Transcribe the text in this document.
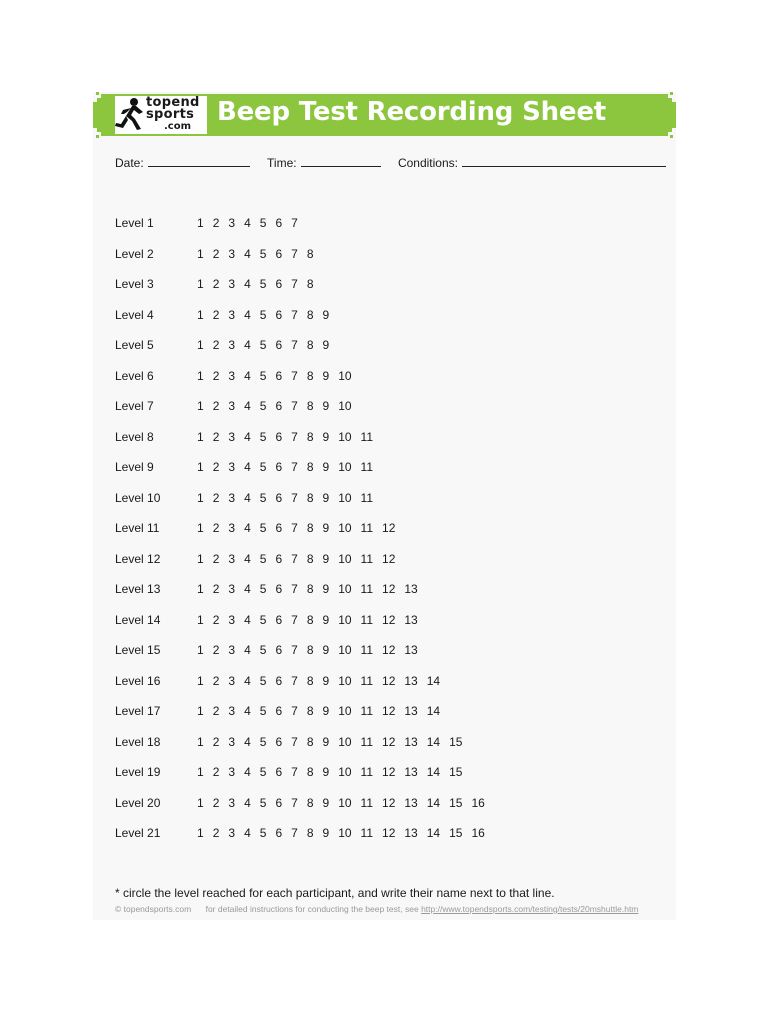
topend
sports
.com Beep Test Recording Sheet
Date:	Time:	Conditions:
Level 1	1 2 3 4 5 6 7
Level 2	1 2 3 4 5 6 7 8
Level 3	1 2 3 4 5 6 7 8
Level 4	1 2 3 4 5 6 7 8 9
Level 5	1 2 3 4 5 6 7 8 9
Level 6	1 2 3 4 5 6 7 8 9 10
Level 7	1 2 3 4 5 6 7 8 9 10
Level 8	1 2 3 4 5 6 7 8 9 10 11
Level 9	1 2 3 4 5 6 7 8 9 10 11
Level 10	1 2 3 4 5 6 7 8 9 10 11
Level 11	1 2 3 4 5 6 7 8 9 10 11 12
Level 12	1 2 3 4 5 6 7 8 9 10 11 12
Level 13	1 2 3 4 5 6 7 8 9 10 11 12 13
Level 14	1 2 3 4 5 6 7 8 9 10 11 12 13
Level 15	1 2 3 4 5 6 7 8 9 10 11 12 13
Level 16	1 2 3 4 5 6 7 8 9 10 11 12 13 14
Level 17	1 2 3 4 5 6 7 8 9 10 11 12 13 14
Level 18	1 2 3 4 5 6 7 8 9 10 11 12 13 14 15
Level 19	1 2 3 4 5 6 7 8 9 10 11 12 13 14 15
Level 20	1 2 3 4 5 6 7 8 9 10 11 12 13 14 15 16
Level 21	1 2 3 4 5 6 7 8 9 10 11 12 13 14 15 16
* circle the level reached for each participant, and write their name next to that line.
© topendsports.com for detailed instructions for conducting the beep test, see http://www.topendsports.com/testing/tests/20mshuttle.htm
